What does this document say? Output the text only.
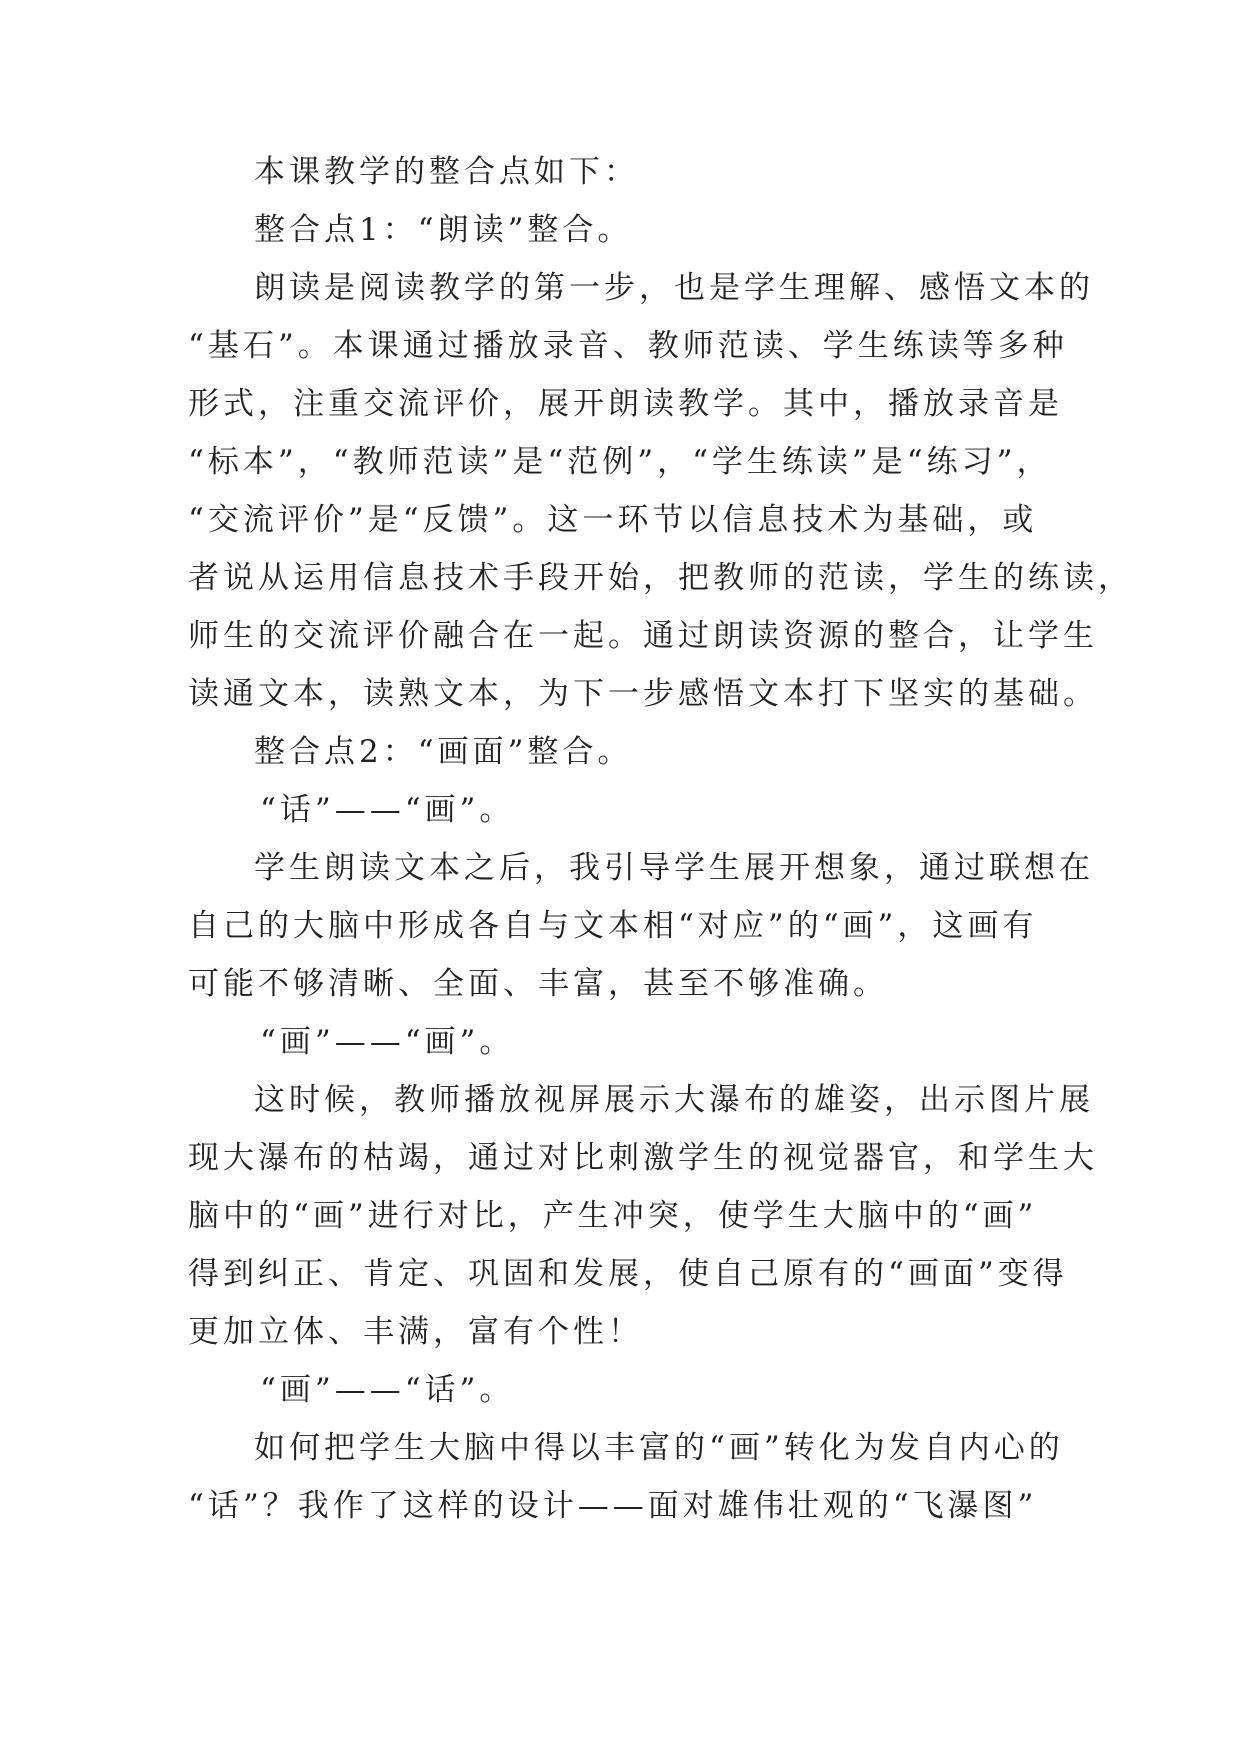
本课教学的整合点如下：
整合点1：“朗读”整合。
朗读是阅读教学的第一步，也是学生理解、感悟文本的
“基石”。本课通过播放录音、教师范读、学生练读等多种
形式，注重交流评价，展开朗读教学。其中，播放录音是
“标本”，“教师范读”是“范例”，“学生练读”是“练习”，
“交流评价”是“反馈”。这一环节以信息技术为基础，或
者说从运用信息技术手段开始，把教师的范读，学生的练读，
师生的交流评价融合在一起。通过朗读资源的整合，让学生
读通文本，读熟文本，为下一步感悟文本打下坚实的基础。
整合点2：“画面”整合。
“话”——“画”。
学生朗读文本之后，我引导学生展开想象，通过联想在
自己的大脑中形成各自与文本相“对应”的“画”，这画有
可能不够清晰、全面、丰富，甚至不够准确。
“画”——“画”。
这时候，教师播放视屏展示大瀑布的雄姿，出示图片展
现大瀑布的枯竭，通过对比刺激学生的视觉器官，和学生大
脑中的“画”进行对比，产生冲突，使学生大脑中的“画”
得到纠正、肯定、巩固和发展，使自己原有的“画面”变得
更加立体、丰满，富有个性！
“画”——“话”。
如何把学生大脑中得以丰富的“画”转化为发自内心的
“话”？我作了这样的设计——面对雄伟壮观的“飞瀑图”
